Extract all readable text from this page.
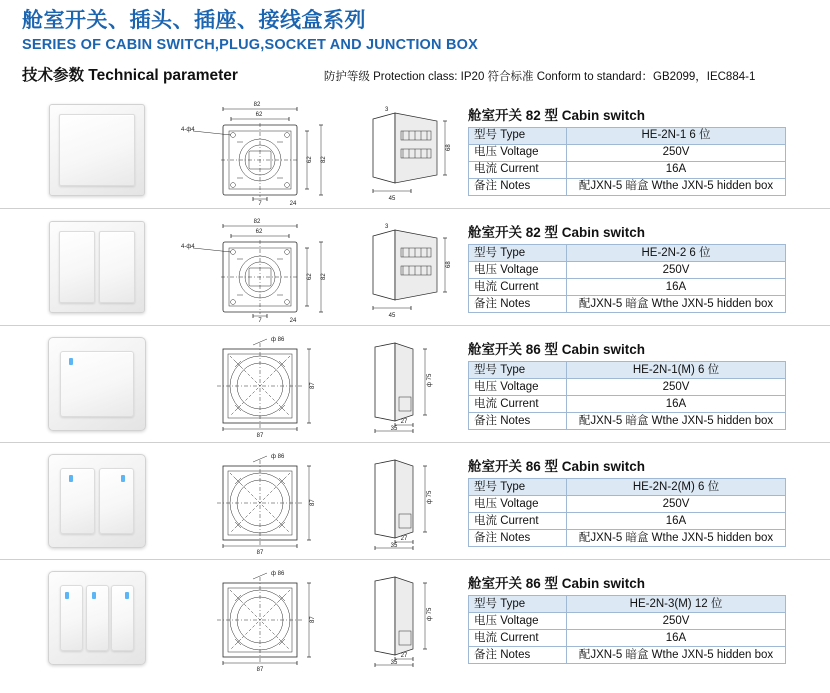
舱室开关、插头、插座、接线盒系列
SERIES OF CABIN SWITCH,PLUG,SOCKET AND JUNCTION BOX
技术参数 Technical parameter	防护等级 Protection class: IP20 符合标准 Conform to standard：GB2099，IEC884-1
82
62
4-ф4
62 82
7	24
3
68
45
舱室开关 82 型 Cabin switch
型号 Type	HE-2N-1 6 位
电压 Voltage	250V
电流 Current	16A
备注 Notes	配JXN-5 暗盒 Wthe JXN-5 hidden box
82
62
4-ф4
62 82
7	24
3
68
45
舱室开关 82 型 Cabin switch
型号 Type	HE-2N-2 6 位
电压 Voltage	250V
电流 Current	16A
备注 Notes	配JXN-5 暗盒 Wthe JXN-5 hidden box
ф 86
87
87
ф 75
27
35
舱室开关 86 型 Cabin switch
型号 Type	HE-2N-1(M) 6 位
电压 Voltage	250V
电流 Current	16A
备注 Notes	配JXN-5 暗盒 Wthe JXN-5 hidden box
ф 86
87
87
ф 75
27
35
舱室开关 86 型 Cabin switch
型号 Type	HE-2N-2(M) 6 位
电压 Voltage	250V
电流 Current	16A
备注 Notes	配JXN-5 暗盒 Wthe JXN-5 hidden box
ф 86
87
87
ф 75
27
35
舱室开关 86 型 Cabin switch
型号 Type	HE-2N-3(M) 12 位
电压 Voltage	250V
电流 Current	16A
备注 Notes	配JXN-5 暗盒 Wthe JXN-5 hidden box
